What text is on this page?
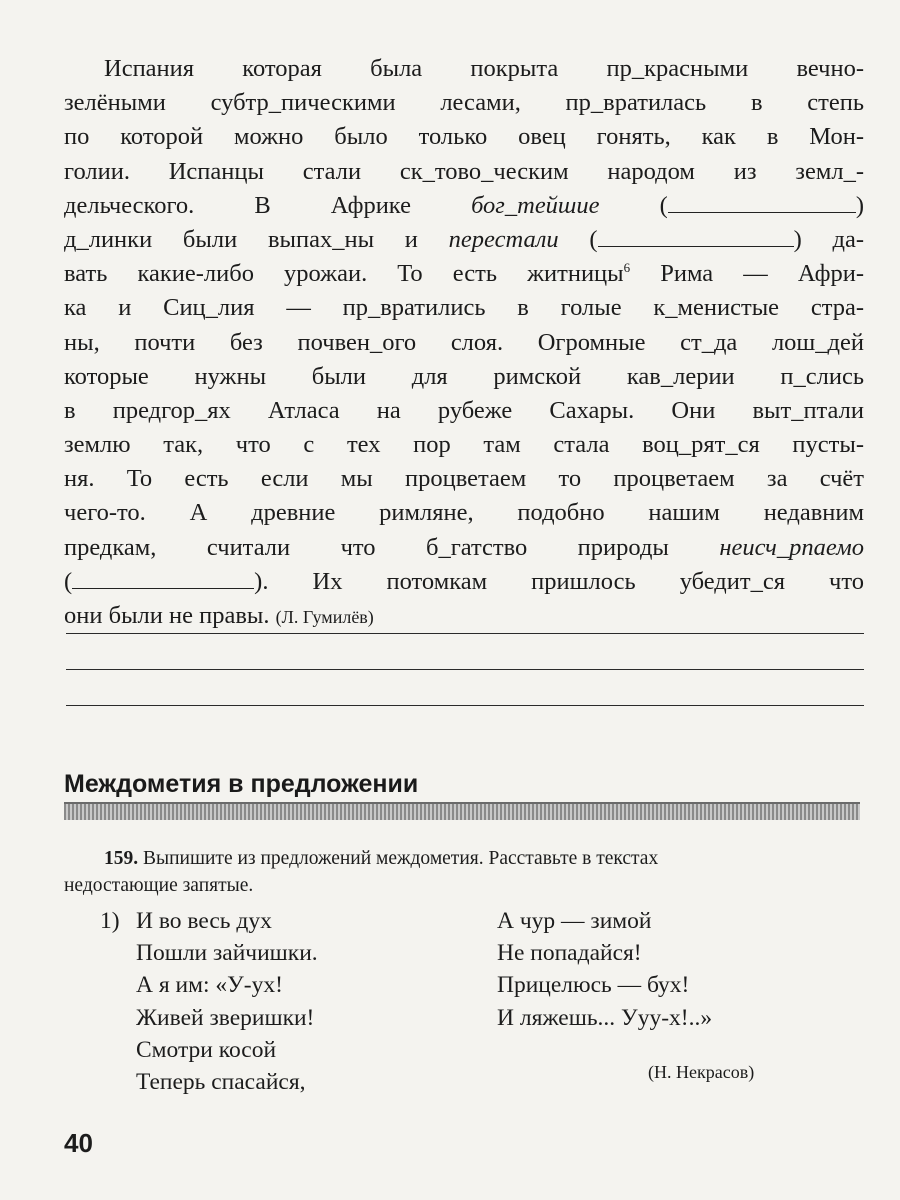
Испания которая была покрыта пр_красными вечно-
зелёными субтр_пическими лесами, пр_вратилась в степь
по которой можно было только овец гонять, как в Мон-
голии. Испанцы стали ск_тово_ческим народом из земл_-
дельческого. В Африке бог_тейшие (	)
д_линки были выпах_ны и перестали (	) да-
вать какие-либо урожаи. То есть житницы$^6$ Рима — Афри-
ка и Сиц_лия — пр_вратились в голые к_менистые стра-
ны, почти без почвен_ого слоя. Огромные ст_да лош_дей
которые нужны были для римской кав_лерии п_слись
в предгор_ях Атласа на рубеже Сахары. Они выт_птали
землю так, что с тех пор там стала воц_рят_ся пусты-
ня. То есть если мы процветаем то процветаем за счёт
чего-то. А древние римляне, подобно нашим недавним
предкам, считали что б_гатство природы неисч_рпаемо
(	). Их потомкам пришлось убедит_ся что
они были не правы. (Л. Гумилёв)
Междометия в предложении
159. Выпишите из предложений междометия. Расставьте в текстах
недостающие запятые.
1) И во весь дух
Пошли зайчишки.
А я им: «У-ух!
Живей зверишки!
Смотри косой
Теперь спасайся,
А чур — зимой
Не попадайся!
Прицелюсь — бух!
И ляжешь... Ууу-х!..»
(Н. Некрасов)
40
